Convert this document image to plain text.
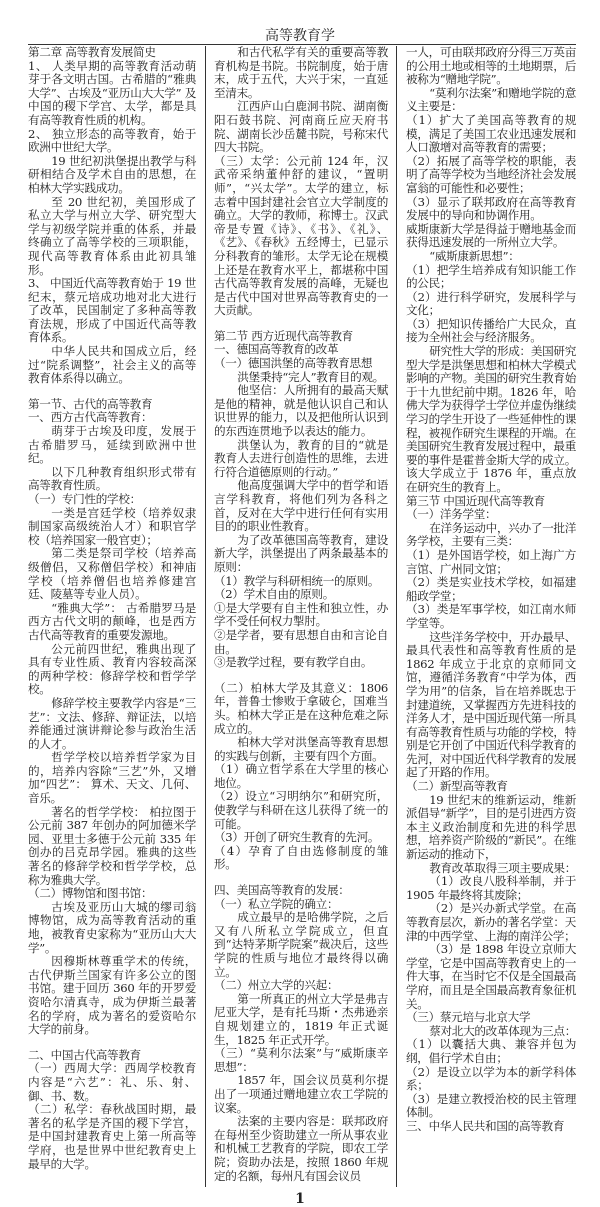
高等教育学

第二章 高等教育发展简史

1、 人类早期的高等教育活动萌芽于各文明古国。古希腊的“雅典大学”、古埃及“亚历山大大学” 及中国的稷下学宫、太学，都是具有高等教育性质的机构。

2、 独立形态的高等教育，始于欧洲中世纪大学。

19 世纪初洪堡提出教学与科研相结合及学术自由的思想，在柏林大学实践成功。

至 20 世纪初，美国形成了私立大学与州立大学、研究型大学与初级学院并重的体系，并最终确立了高等学校的三项职能，现代高等教育体系由此初具雏形。

3、 中国近代高等教育始于 19 世纪末，蔡元培成功地对北大进行了改革，民国制定了多种高等教育法规，形成了中国近代高等教育体系。

中华人民共和国成立后，经过“院系调整”，社会主义的高等教育体系得以确立。

第一节、古代的高等教育

一、西方古代高等教育：

萌芽于古埃及印度，发展于古希腊罗马，延续到欧洲中世纪。

以下几种教育组织形式带有高等教育性质。

（一）专门性的学校：

一类是宫廷学校（培养奴隶制国家高级统治人才）和职官学校（培养国家一般官吏）；

第二类是祭司学校（培养高级僧侣，又称僧侣学校）和神庙学校（培养僧侣也培养修建宫廷、陵墓等专业人员）。

“雅典大学”： 古希腊罗马是西方古代文明的颠峰，也是西方古代高等教育的重要发源地。

公元前四世纪，雅典出现了具有专业性质、教育内容较高深的两种学校：修辞学校和哲学学校。

修辞学校主要教学内容是“三艺”：文法、修辞、辩证法，以培养能通过演讲辩论参与政治生活的人才。

哲学学校以培养哲学家为目的，培养内容除“三艺”外，又增加“四艺”： 算术、天文、几何、音乐。

著名的哲学学校： 柏拉图于公元前 387 年创办的阿加德米学园、亚里士多德于公元前 335 年创办的吕克昂学园。雅典的这些著名的修辞学校和哲学学校，总称为雅典大学。

（二）博物馆和图书馆：

古埃及亚历山大城的缪司翁博物馆，成为高等教育活动的重地，被教育史家称为“亚历山大大学”。

因穆斯林尊重学术的传统，古代伊斯兰国家有许多公立的图书馆。建于回历 360 年的开罗爱资哈尔清真寺，成为伊斯兰最著名的学府，成为著名的爱资哈尔大学的前身。

二、中国古代高等教育

（一）西周大学：西周学校教育内容是“六艺”：礼、乐、射、御、书、数。

（二）私学：春秋战国时期，最著名的私学是齐国的稷下学宫，是中国封建教育史上第一所高等学府，也是世界中世纪教育史上最早的大学。

和古代私学有关的重要高等教育机构是书院。书院制度，始于唐末，成于五代，大兴于宋，一直延至清末。

江西庐山白鹿洞书院、湖南衡阳石鼓书院、河南商丘应天府书院、湖南长沙岳麓书院，号称宋代四大书院。

（三）太学：公元前 124 年，汉武帝采纳董仲舒的建议，“置明师”，“兴太学”。太学的建立，标志着中国封建社会官立大学制度的确立。大学的教师，称博士。汉武帝是专置《诗》、《书》、《礼》、《艺》、《春秋》五经博士，已显示分科教育的雏形。太学无论在规模上还是在教育水平上，都堪称中国古代高等教育发展的高峰，无疑也是古代中国对世界高等教育史的一大贡献。

第二节 西方近现代高等教育

一、德国高等教育的改革

（一）德国洪堡的高等教育思想

洪堡秉持“完人”教育目的观。

他坚信：人所拥有的最高天赋是他的精神，就是他认识自己和认识世界的能力，以及把他所认识到的东西连贯地予以表达的能力。

洪堡认为，教育的目的“就是教育人去进行创造性的思维，去进行符合道德原则的行动。”

他高度强调大学中的哲学和语言学科教育，将他们列为各科之首，反对在大学中进行任何有实用目的的职业性教育。

为了改革德国高等教育，建设新大学，洪堡提出了两条最基本的原则：

（1）教学与科研相统一的原则。

（2）学术自由的原则。

①是大学要有自主性和独立性，办学不受任何权力掣肘。

②是学者，要有思想自由和言论自由。

③是教学过程，要有教学自由。

（二）柏林大学及其意义：1806 年，普鲁士惨败于拿破仑，国难当头。柏林大学正是在这种危难之际成立的。

柏林大学对洪堡高等教育思想的实践与创新，主要有四个方面。

（1）确立哲学系在大学里的核心地位。

（2）设立“习明纳尔”和研究所，使教学与科研在这儿获得了统一的可能。

（3）开创了研究生教育的先河。

（4）孕育了自由选修制度的雏形。

四、美国高等教育的发展：

（一）私立学院的确立：

成立最早的是哈佛学院，之后又有八所私立学院成立，但直到“达特茅斯学院案”裁决后，这些学院的性质与地位才最终得以确立。

（二）州立大学的兴起：

第一所真正的州立大学是弗吉尼亚大学，是有托马斯・杰弗逊亲自规划建立的，1819 年正式诞生，1825 年正式开学。

（三）“莫利尔法案”与“威斯康辛思想”：

1857 年，国会议员莫利尔提出了一项通过赠地建立农工学院的议案。

法案的主要内容是：联邦政府在每州至少资助建立一所从事农业和机械工艺教育的学院，即农工学院；资助办法是，按照 1860 年规定的名额，每州凡有国会议员

一人，可由联邦政府分得三万英亩的公用土地或相等的土地期票，后被称为“赠地学院”。

“莫利尔法案”和赠地学院的意义主要是：

（1）扩大了美国高等教育的规模，满足了美国工农业迅速发展和人口激增对高等教育的需要；

（2）拓展了高等学校的职能，表明了高等学校为当地经济社会发展富翁的可能性和必要性；

（3）显示了联邦政府在高等教育发展中的导向和协调作用。

威斯康新大学是得益于赠地基金而获得迅速发展的一所州立大学。

“威斯康新思想”：

（1）把学生培养成有知识能工作的公民；

（2）进行科学研究，发展科学与文化；

（3）把知识传播给广大民众，直接为全州社会与经济服务。

研究性大学的形成：美国研究型大学是洪堡思想和柏林大学模式影响的产物。美国的研究生教育始于十九世纪前中期。1826 年，哈佛大学为获得学士学位并虚伪继续学习的学生开设了一些延伸性的课程，被视作研究生课程的开端。在美国研究生教育发展过程中，最重要的事件是霍普金斯大学的成立。该大学成立于 1876 年，重点放在研究生的教育上。

第三节 中国近现代高等教育

（一）洋务学堂：

在洋务运动中，兴办了一批洋务学校，主要有三类：

（1）是外国语学校，如上海广方言馆、广州同文馆；

（2）类是实业技术学校，如福建船政学堂；

（3）类是军事学校，如江南水师学堂等。

这些洋务学校中，开办最早、最具代表性和高等教育性质的是 1862 年成立于北京的京师同文馆，遵循洋务教育“中学为体，西学为用”的信条，旨在培养既忠于封建道统，又掌握西方先进科技的洋务人才，是中国近现代第一所具有高等教育性质与功能的学校，特别是它开创了中国近代科学教育的先河，对中国近代科学教育的发展起了开路的作用。

（二）新型高等教育

19 世纪末的维新运动，维新派倡导“新学”，目的是引进西方资本主义政治制度和先进的科学思想，培养资产阶级的“新民”。在维新运动的推动下，

教育改革取得三项主要成果：

（1）改良八股科举制，并于 1905 年最终将其废除；

（2）是兴办新式学堂。在高等教育层次，新办的著名学堂：天津的中西学堂、上海的南洋公学；

（3）是 1898 年设立京师大学堂，它是中国高等教育史上的一件大事，在当时它不仅是全国最高学府，而且是全国最高教育象征机关。

（三）蔡元培与北京大学

蔡对北大的改革体现为三点：

（1）以囊括大典、兼容并包为纲，倡行学术自由；

（2）是设立以学为本的新学科体系；

（3）是建立教授治校的民主管理体制。

三、中华人民共和国的高等教育

1
